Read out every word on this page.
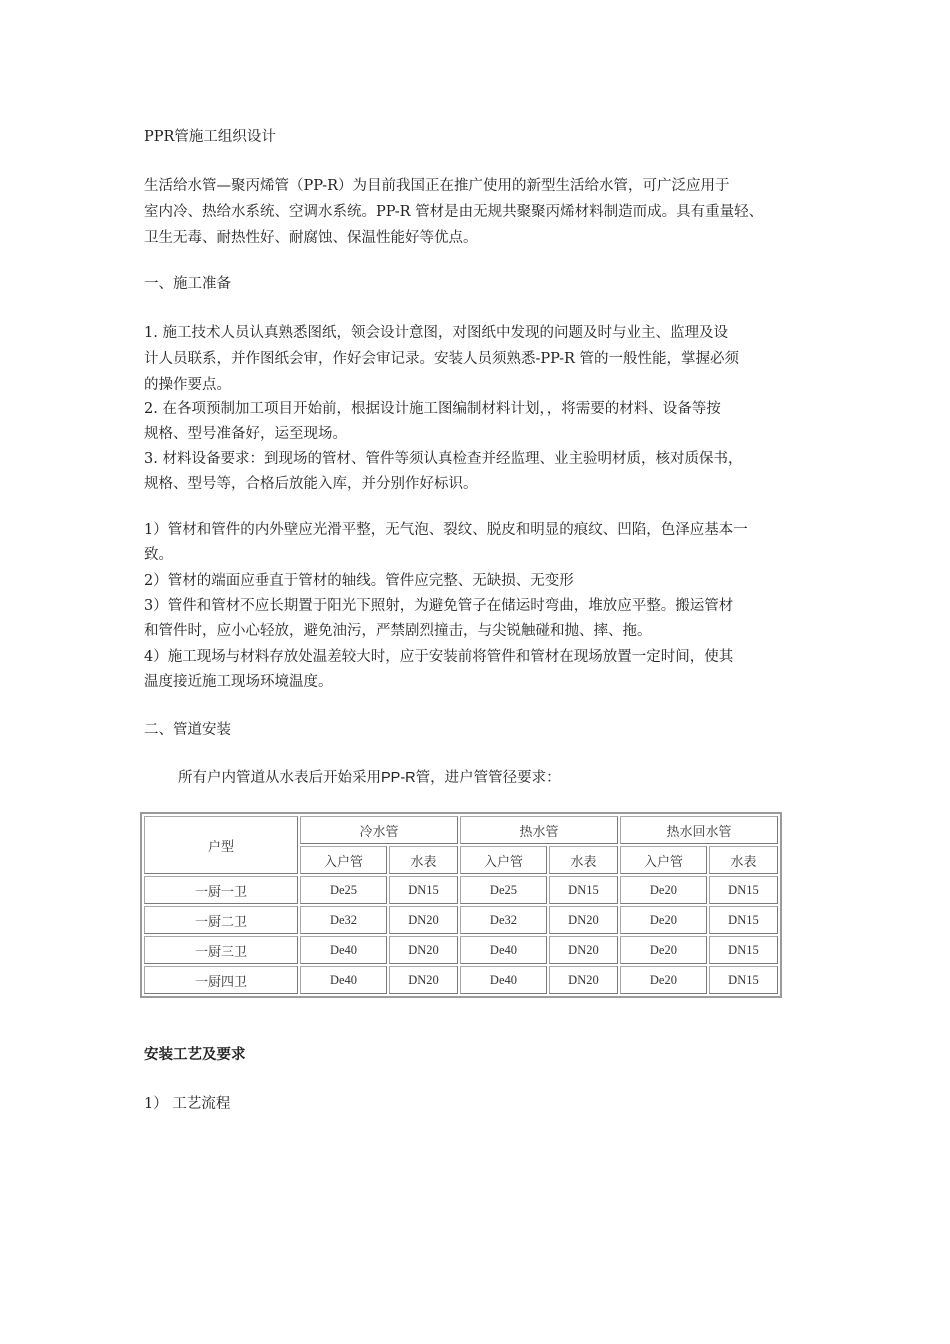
PPR管施工组织设计
生活给水管—聚丙烯管（PP-R）为目前我国正在推广使用的新型生活给水管，可广泛应用于
室内冷、热给水系统、空调水系统。PP-R 管材是由无规共聚聚丙烯材料制造而成。具有重量轻、
卫生无毒、耐热性好、耐腐蚀、保温性能好等优点。
一、施工准备
1. 施工技术人员认真熟悉图纸，领会设计意图，对图纸中发现的问题及时与业主、监理及设
计人员联系，并作图纸会审，作好会审记录。安装人员须熟悉-PP-R 管的一般性能，掌握必须
的操作要点。
2. 在各项预制加工项目开始前，根据设计施工图编制材料计划，，将需要的材料、设备等按
规格、型号准备好，运至现场。
3. 材料设备要求：到现场的管材、管件等须认真检查并经监理、业主验明材质，核对质保书，
规格、型号等，合格后放能入库，并分别作好标识。
1）管材和管件的内外壁应光滑平整，无气泡、裂纹、脱皮和明显的痕纹、凹陷，色泽应基本一
致。
2）管材的端面应垂直于管材的轴线。管件应完整、无缺损、无变形
3）管件和管材不应长期置于阳光下照射，为避免管子在储运时弯曲，堆放应平整。搬运管材
和管件时，应小心轻放，避免油污，严禁剧烈撞击，与尖锐触碰和抛、摔、拖。
4）施工现场与材料存放处温差较大时，应于安装前将管件和管材在现场放置一定时间，使其
温度接近施工现场环境温度。
二、管道安装
所有户内管道从水表后开始采用PP-R管，进户管管径要求：
户型	冷水管		热水管		热水回水管	
	入户管	水表	入户管	水表	入户管	水表
一厨一卫	De25	DN15	De25	DN15	De20	DN15
一厨二卫	De32	DN20	De32	DN20	De20	DN15
一厨三卫	De40	DN20	De40	DN20	De20	DN15
一厨四卫	De40	DN20	De40	DN20	De20	DN15
安装工艺及要求
1） 工艺流程
